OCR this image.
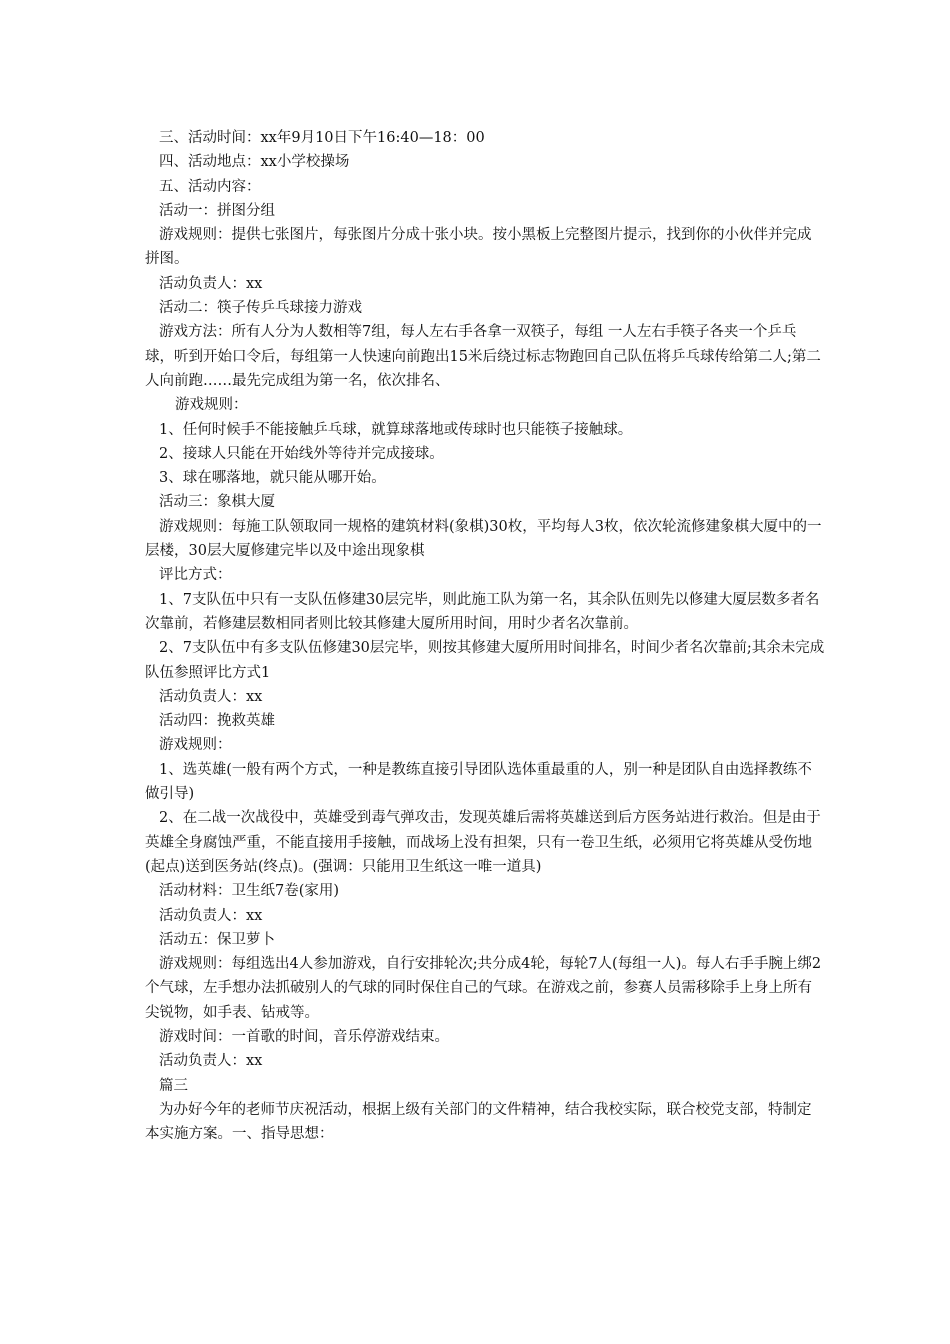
三、活动时间：xx年9月10日下午16:40—18：00

四、活动地点：xx小学校操场

五、活动内容：

活动一：拼图分组

游戏规则：提供七张图片，每张图片分成十张小块。按小黑板上完整图片提示，找到你的小伙伴并完成拼图。

活动负责人：xx

活动二：筷子传乒乓球接力游戏

游戏方法：所有人分为人数相等7组，每人左右手各拿一双筷子，每组 一人左右手筷子各夹一个乒乓球，听到开始口令后，每组第一人快速向前跑出15米后绕过标志物跑回自己队伍将乒乓球传给第二人;第二人向前跑……最先完成组为第一名，依次排名、

游戏规则：

1、任何时候手不能接触乒乓球，就算球落地或传球时也只能筷子接触球。

2、接球人只能在开始线外等待并完成接球。

3、球在哪落地，就只能从哪开始。

活动三：象棋大厦

游戏规则：每施工队领取同一规格的建筑材料(象棋)30枚，平均每人3枚，依次轮流修建象棋大厦中的一层楼，30层大厦修建完毕以及中途出现象棋

评比方式：

1、7支队伍中只有一支队伍修建30层完毕，则此施工队为第一名，其余队伍则先以修建大厦层数多者名次靠前，若修建层数相同者则比较其修建大厦所用时间，用时少者名次靠前。

2、7支队伍中有多支队伍修建30层完毕，则按其修建大厦所用时间排名，时间少者名次靠前;其余未完成队伍参照评比方式1

活动负责人：xx

活动四：挽救英雄

游戏规则：

1、选英雄(一般有两个方式，一种是教练直接引导团队选体重最重的人，别一种是团队自由选择教练不做引导)

2、在二战一次战役中，英雄受到毒气弹攻击，发现英雄后需将英雄送到后方医务站进行救治。但是由于英雄全身腐蚀严重，不能直接用手接触，而战场上没有担架，只有一卷卫生纸，必须用它将英雄从受伤地(起点)送到医务站(终点)。(强调：只能用卫生纸这一唯一道具)

活动材料：卫生纸7卷(家用)

活动负责人：xx

活动五：保卫萝卜

游戏规则：每组选出4人参加游戏，自行安排轮次;共分成4轮，每轮7人(每组一人)。每人右手手腕上绑2个气球，左手想办法抓破别人的气球的同时保住自己的气球。在游戏之前，参赛人员需移除手上身上所有尖锐物，如手表、钻戒等。

游戏时间：一首歌的时间，音乐停游戏结束。

活动负责人：xx

篇三

为办好今年的老师节庆祝活动，根据上级有关部门的文件精神，结合我校实际，联合校党支部，特制定本实施方案。一、指导思想：
